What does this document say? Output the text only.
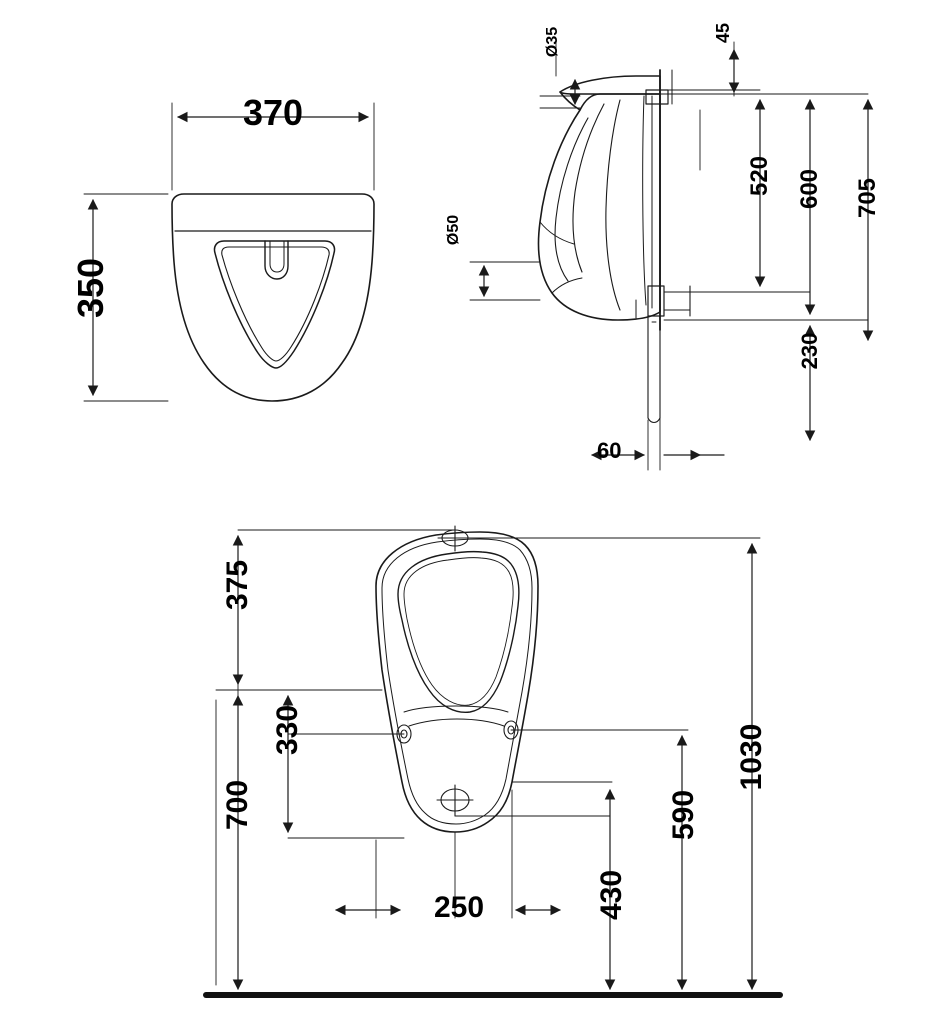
370
350
Ø35	45
Ø50
520 600 705
230
60
375
330
700
250	430
590
1030
